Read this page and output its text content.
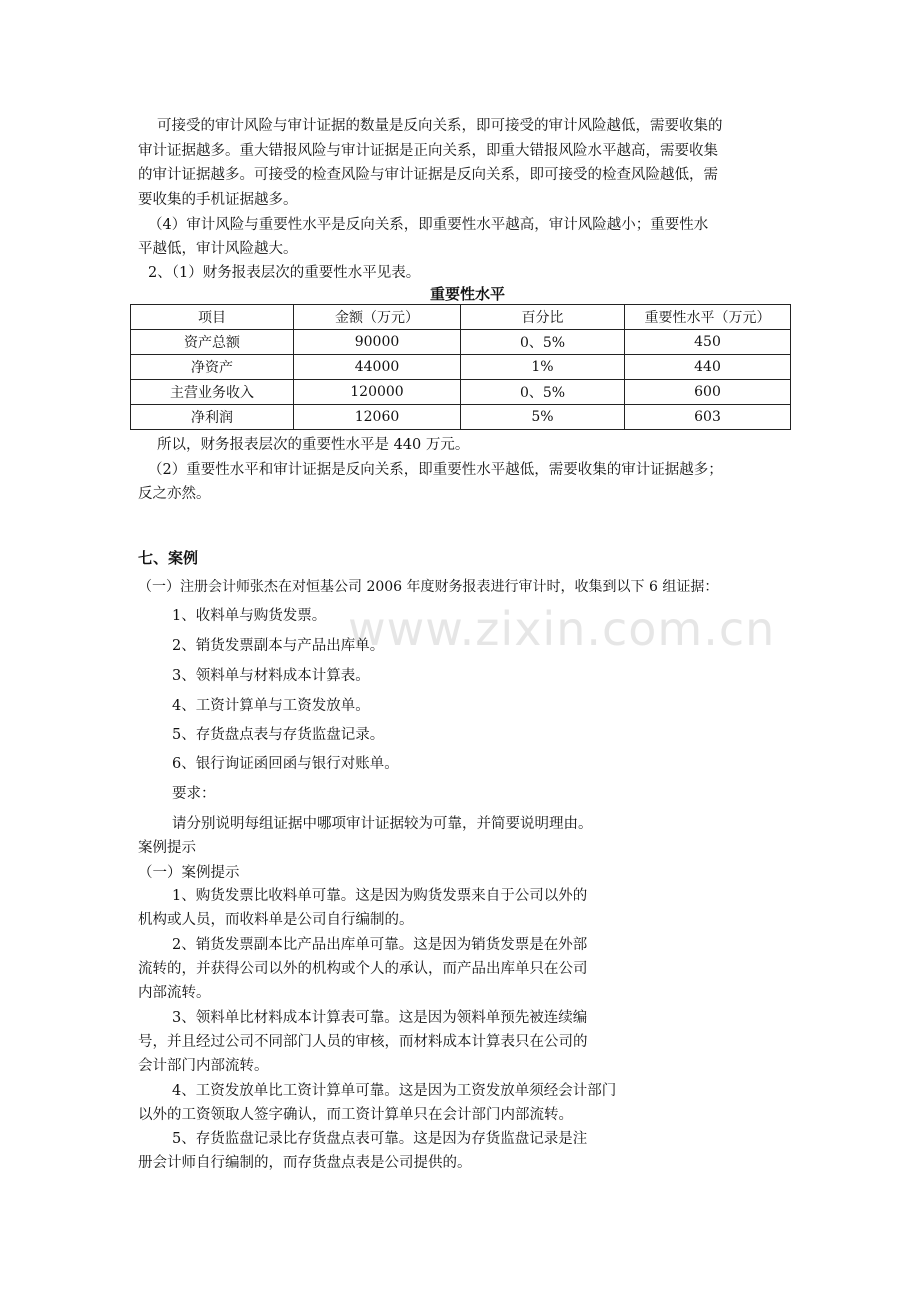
www.zixin.com.cn
可接受的审计风险与审计证据的数量是反向关系，即可接受的审计风险越低，需要收集的
审计证据越多。重大错报风险与审计证据是正向关系，即重大错报风险水平越高，需要收集
的审计证据越多。可接受的检查风险与审计证据是反向关系，即可接受的检查风险越低，需
要收集的手机证据越多。
（4）审计风险与重要性水平是反向关系，即重要性水平越高，审计风险越小；重要性水
平越低，审计风险越大。
2、（1）财务报表层次的重要性水平见表。
重要性水平
项目	金额（万元）	百分比	重要性水平（万元）
资产总额	90000	0、5%	450
净资产	44000	1%	440
主营业务收入	120000	0、5%	600
净利润	12060	5%	603
所以，财务报表层次的重要性水平是 440 万元。
（2）重要性水平和审计证据是反向关系，即重要性水平越低，需要收集的审计证据越多；
反之亦然。
七、案例
（一）注册会计师张杰在对恒基公司 2006 年度财务报表进行审计时，收集到以下 6 组证据：
1、收料单与购货发票。
2、销货发票副本与产品出库单。
3、领料单与材料成本计算表。
4、工资计算单与工资发放单。
5、存货盘点表与存货监盘记录。
6、银行询证函回函与银行对账单。
要求：
请分别说明每组证据中哪项审计证据较为可靠，并简要说明理由。
案例提示
（一）案例提示
1、购货发票比收料单可靠。这是因为购货发票来自于公司以外的
机构或人员，而收料单是公司自行编制的。
2、销货发票副本比产品出库单可靠。这是因为销货发票是在外部
流转的，并获得公司以外的机构或个人的承认，而产品出库单只在公司
内部流转。
3、领料单比材料成本计算表可靠。这是因为领料单预先被连续编
号，并且经过公司不同部门人员的审核，而材料成本计算表只在公司的
会计部门内部流转。
4、工资发放单比工资计算单可靠。这是因为工资发放单须经会计部门
以外的工资领取人签字确认，而工资计算单只在会计部门内部流转。
5、存货监盘记录比存货盘点表可靠。这是因为存货监盘记录是注
册会计师自行编制的，而存货盘点表是公司提供的。
